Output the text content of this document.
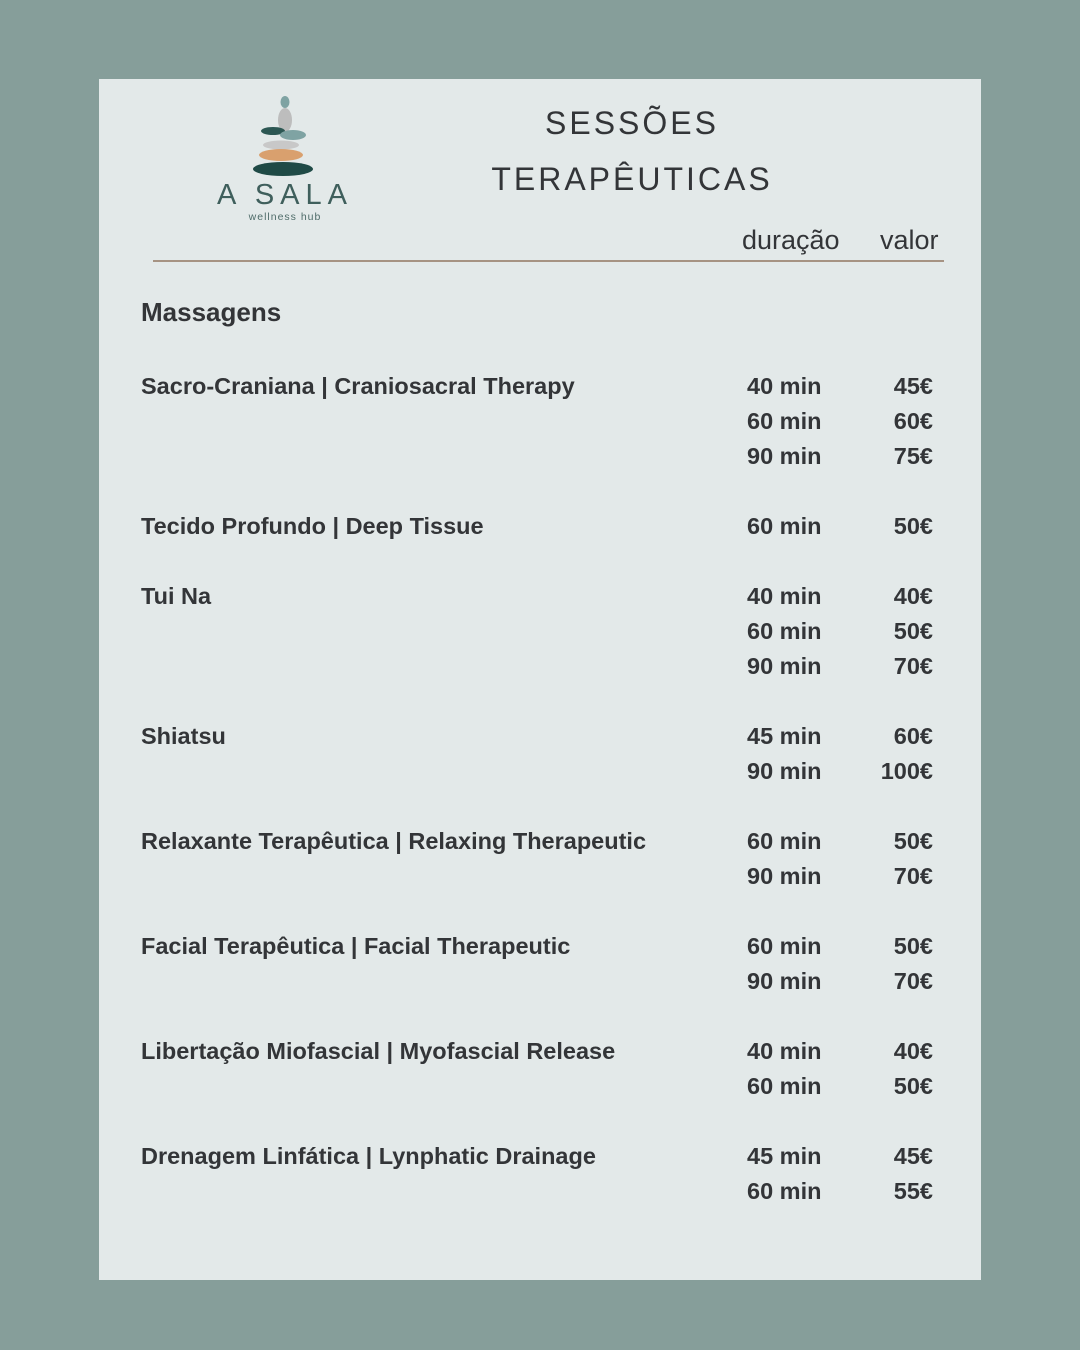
A SALA
wellness hub
SESSÕES
TERAPÊUTICAS
duração valor
Massagens
Sacro-Craniana | Craniosacral Therapy	40 min	45€
60 min	60€
90 min	75€
Tecido Profundo | Deep Tissue	60 min	50€
Tui Na	40 min	40€
60 min	50€
90 min	70€
Shiatsu	45 min	60€
90 min	100€
Relaxante Terapêutica | Relaxing Therapeutic	60 min	50€
90 min	70€
Facial Terapêutica | Facial Therapeutic	60 min	50€
90 min	70€
Libertação Miofascial | Myofascial Release	40 min	40€
60 min	50€
Drenagem Linfática | Lynphatic Drainage	45 min	45€
60 min	55€
